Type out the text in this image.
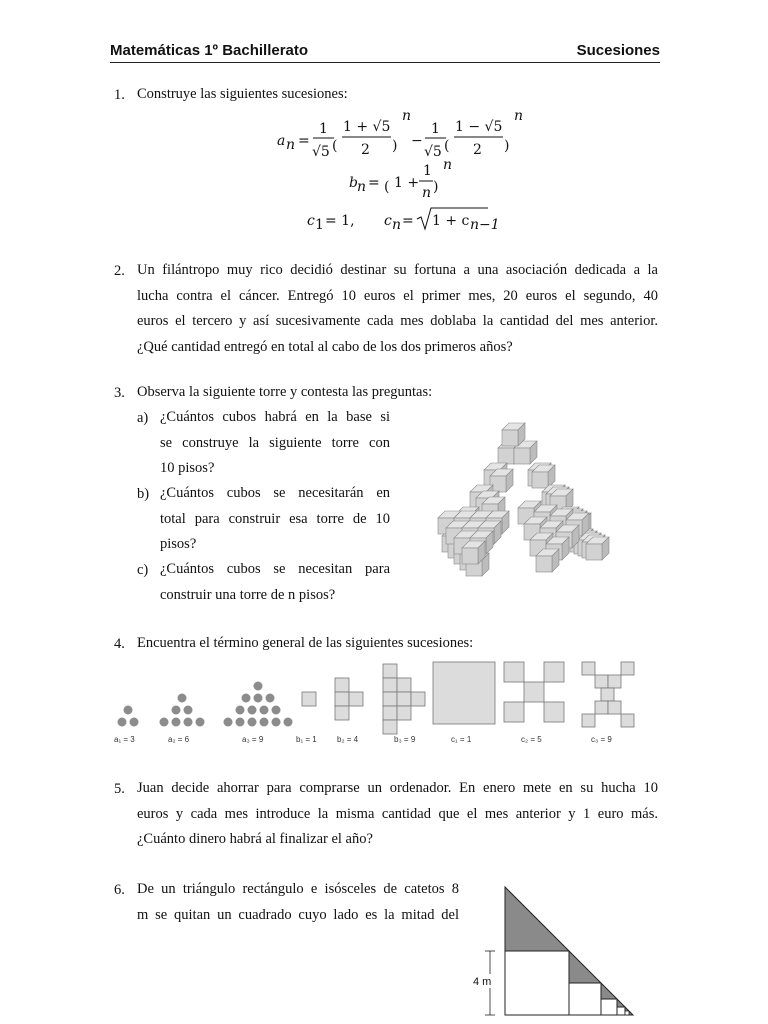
Matemáticas 1º Bachillerato	Sucesiones
1. Construye las siguientes sucesiones:
a n =
1
√5 (
1 + √5
2 )
n
−
1
√5 (
1 − √5
2 )
n
b n = ( 1 +
1
n )
n
c 1 = 1, c n = 1 + c n−1
2. Un filántropo muy rico decidió destinar su fortuna a una asociación dedicada a la
lucha contra el cáncer. Entregó 10 euros el primer mes, 20 euros el segundo, 40
euros el tercero y así sucesivamente cada mes doblaba la cantidad del mes anterior.
¿Qué cantidad entregó en total al cabo de los dos primeros años?
3. Observa la siguiente torre y contesta las preguntas:
a) ¿Cuántos cubos habrá en la base si
se construye la siguiente torre con
10 pisos?
b) ¿Cuántos cubos se necesitarán en
total para construir esa torre de 10
pisos?
c) ¿Cuántos cubos se necesitan para
construir una torre de n pisos?
4. Encuentra el término general de las siguientes sucesiones:
a₁ = 3	a₂ = 6	a₃ = 9	b₁ = 1	b₂ = 4	b₃ = 9	c₁ = 1	c₂ = 5	c₃ = 9
5. Juan decide ahorrar para comprarse un ordenador. En enero mete en su hucha 10
euros y cada mes introduce la misma cantidad que el mes anterior y 1 euro más.
¿Cuánto dinero habrá al finalizar el año?
6. De un triángulo rectángulo e isósceles de catetos 8
m se quitan un cuadrado cuyo lado es la mitad del
4 m
